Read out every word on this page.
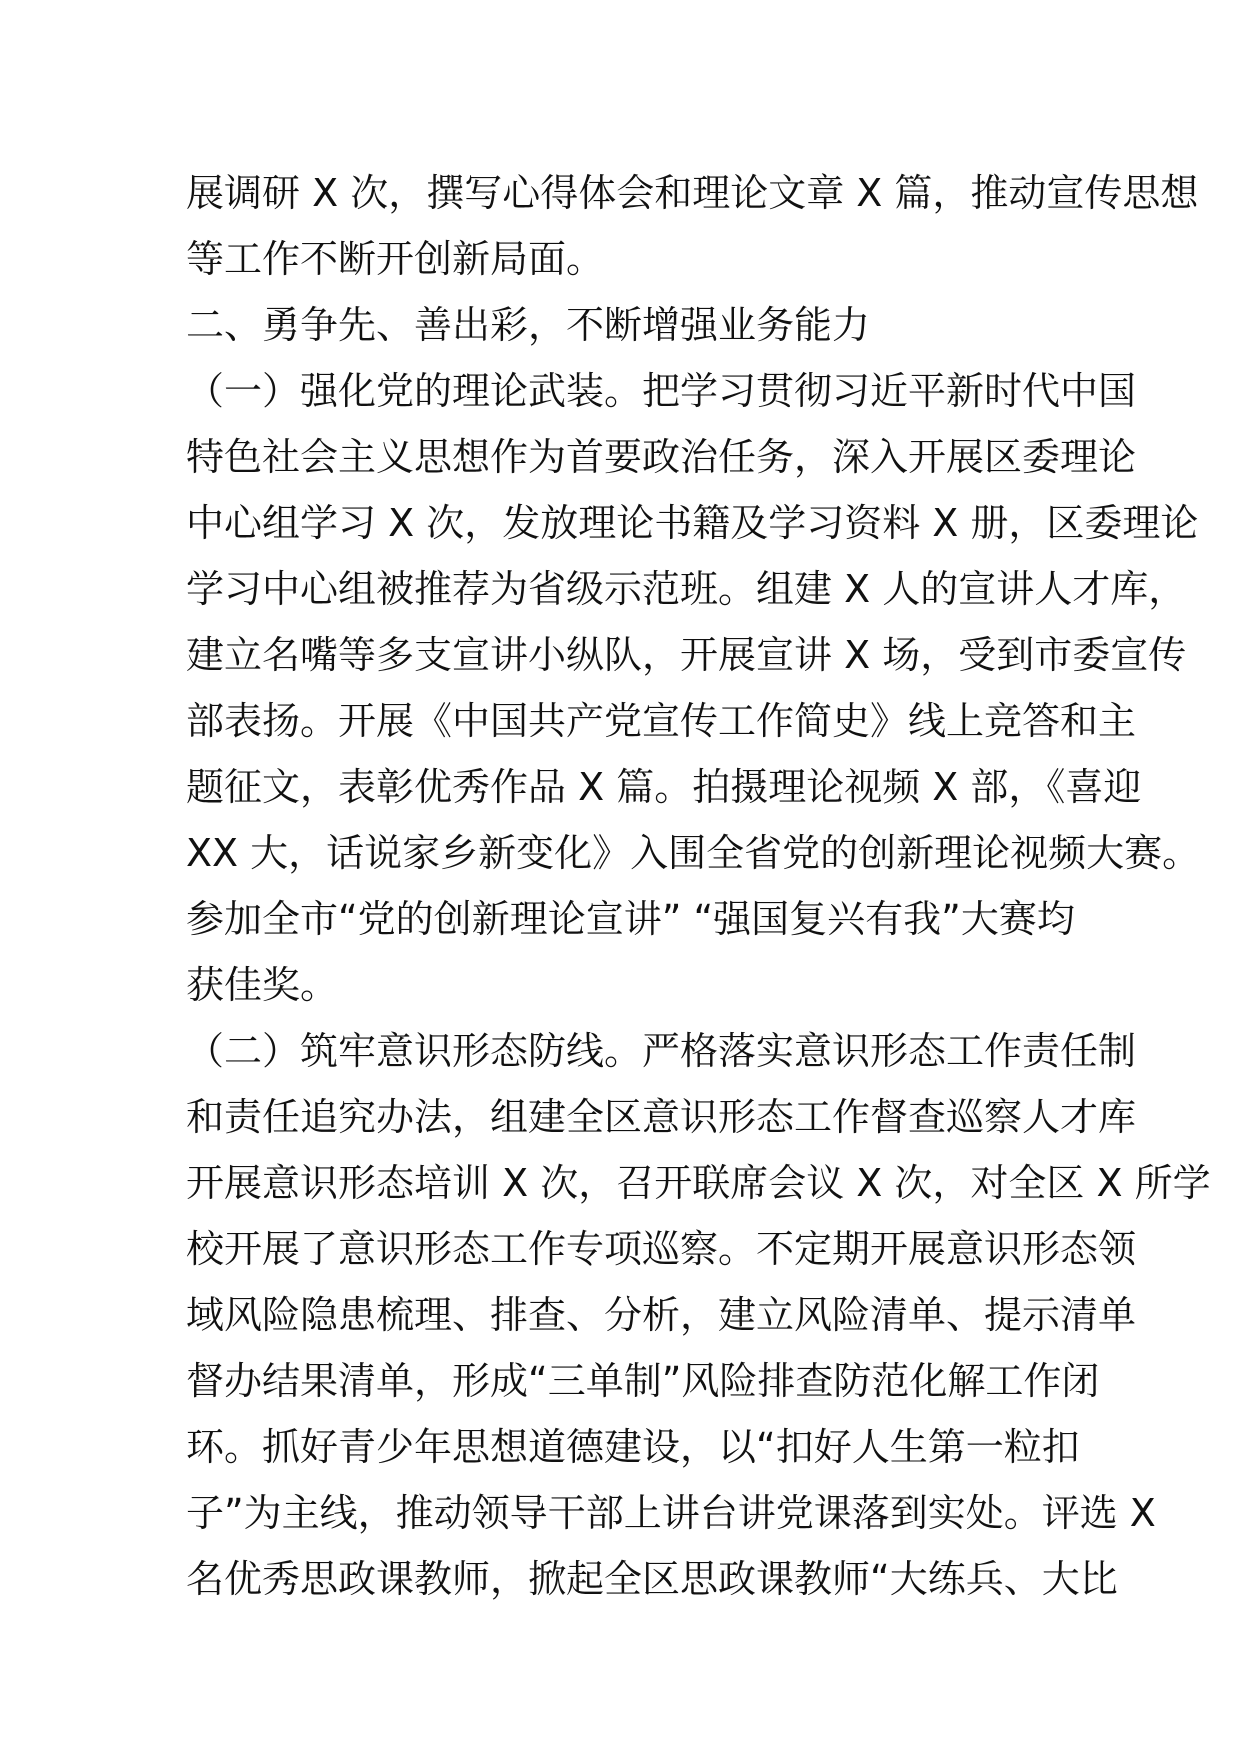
展调研 X 次，撰写心得体会和理论文章 X 篇，推动宣传思想
等工作不断开创新局面。
二、勇争先、善出彩，不断增强业务能力
（一）强化党的理论武装。把学习贯彻习近平新时代中国
特色社会主义思想作为首要政治任务，深入开展区委理论
中心组学习 X 次，发放理论书籍及学习资料 X 册，区委理论
学习中心组被推荐为省级示范班。组建 X 人的宣讲人才库，
建立名嘴等多支宣讲小纵队，开展宣讲 X 场，受到市委宣传
部表扬。开展《中国共产党宣传工作简史》线上竞答和主
题征文，表彰优秀作品 X 篇。拍摄理论视频 X 部，《喜迎
XX 大，话说家乡新变化》入围全省党的创新理论视频大赛。
参加全市“党的创新理论宣讲” “强国复兴有我”大赛均
获佳奖。
（二）筑牢意识形态防线。严格落实意识形态工作责任制
和责任追究办法，组建全区意识形态工作督查巡察人才库
开展意识形态培训 X 次，召开联席会议 X 次，对全区 X 所学
校开展了意识形态工作专项巡察。不定期开展意识形态领
域风险隐患梳理、排查、分析，建立风险清单、提示清单
督办结果清单，形成“三单制”风险排查防范化解工作闭
环。抓好青少年思想道德建设，以“扣好人生第一粒扣
子”为主线，推动领导干部上讲台讲党课落到实处。评选 X
名优秀思政课教师，掀起全区思政课教师“大练兵、大比
